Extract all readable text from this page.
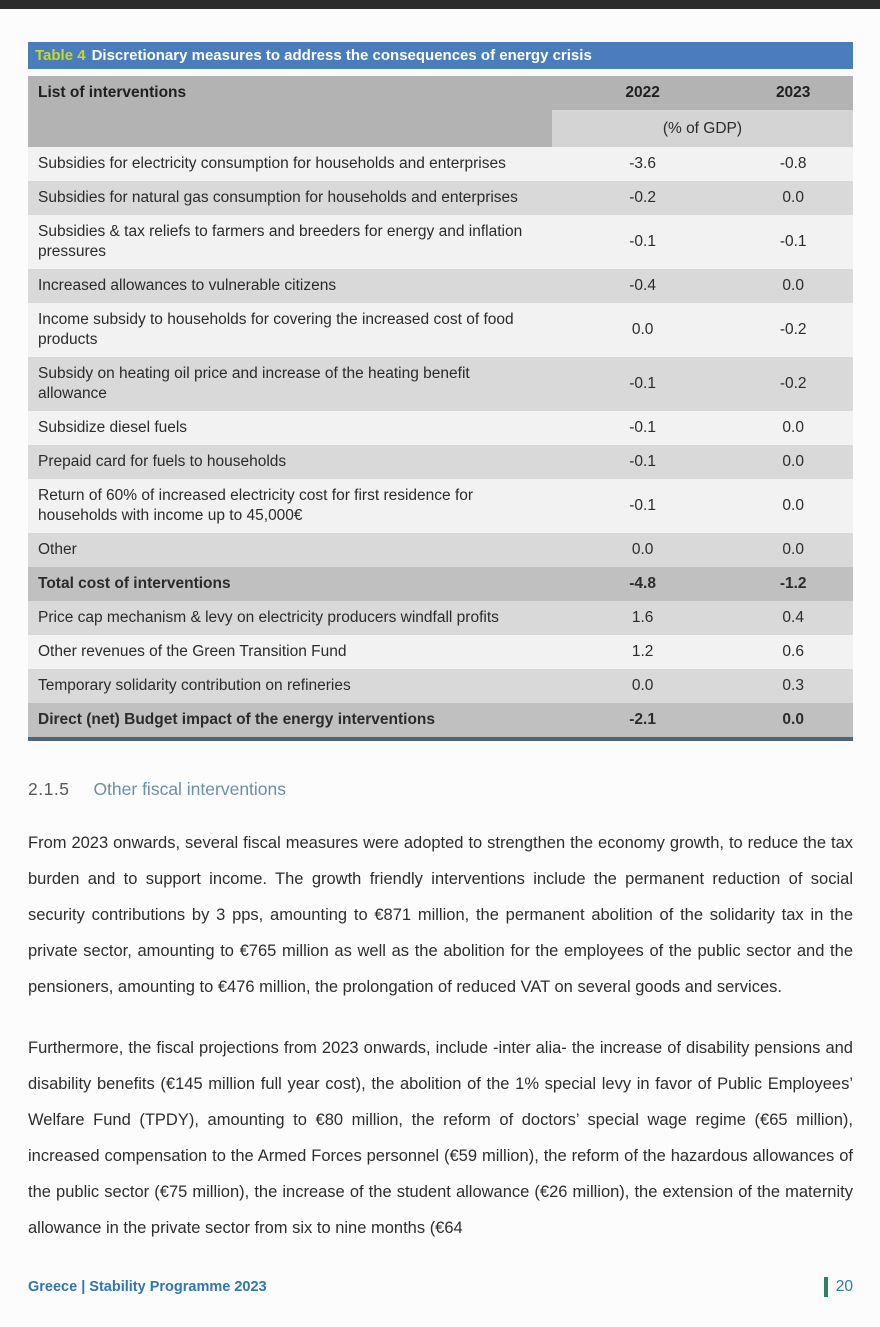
Table 4 Discretionary measures to address the consequences of energy crisis
List of interventions	2022	2023
	(% of GDP)	
Subsidies for electricity consumption for households and enterprises	-3.6	-0.8
Subsidies for natural gas consumption for households and enterprises	-0.2	0.0
Subsidies & tax reliefs to farmers and breeders for energy and inflation pressures	-0.1	-0.1
Increased allowances to vulnerable citizens	-0.4	0.0
Income subsidy to households for covering the increased cost of food products	0.0	-0.2
Subsidy on heating oil price and increase of the heating benefit allowance	-0.1	-0.2
Subsidize diesel fuels	-0.1	0.0
Prepaid card for fuels to households	-0.1	0.0
Return of 60% of increased electricity cost for first residence for households with income up to 45,000€	-0.1	0.0
Other	0.0	0.0
Total cost of interventions	-4.8	-1.2
Price cap mechanism & levy on electricity producers windfall profits	1.6	0.4
Other revenues of the Green Transition Fund	1.2	0.6
Temporary solidarity contribution on refineries	0.0	0.3
Direct (net) Budget impact of the energy interventions	-2.1	0.0
2.1.5 Other fiscal interventions

From 2023 onwards, several fiscal measures were adopted to strengthen the economy growth, to reduce the tax burden and to support income. The growth friendly interventions include the permanent reduction of social security contributions by 3 pps, amounting to €871 million, the permanent abolition of the solidarity tax in the private sector, amounting to €765 million as well as the abolition for the employees of the public sector and the pensioners, amounting to €476 million, the prolongation of reduced VAT on several goods and services.

Furthermore, the fiscal projections from 2023 onwards, include -inter alia- the increase of disability pensions and disability benefits (€145 million full year cost), the abolition of the 1% special levy in favor of Public Employees’ Welfare Fund (TPDY), amounting to €80 million, the reform of doctors’ special wage regime (€65 million), increased compensation to the Armed Forces personnel (€59 million), the reform of the hazardous allowances of the public sector (€75 million), the increase of the student allowance (€26 million), the extension of the maternity allowance in the private sector from six to nine months (€64

Greece | Stability Programme 2023	20
